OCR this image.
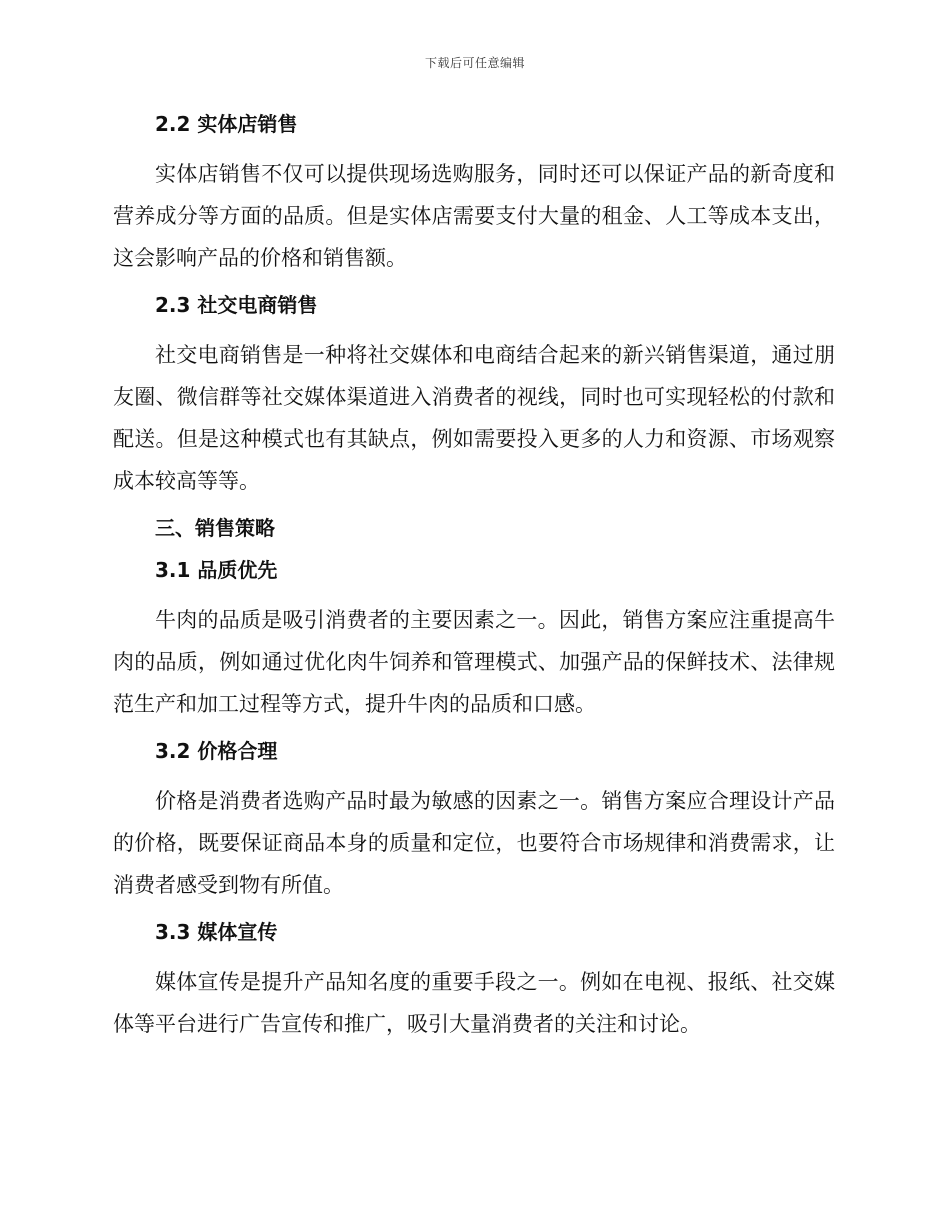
下载后可任意编辑
2.2 实体店销售

实体店销售不仅可以提供现场选购服务，同时还可以保证产品的新奇度和营养成分等方面的品质。但是实体店需要支付大量的租金、人工等成本支出，这会影响产品的价格和销售额。

2.3 社交电商销售

社交电商销售是一种将社交媒体和电商结合起来的新兴销售渠道，通过朋友圈、微信群等社交媒体渠道进入消费者的视线，同时也可实现轻松的付款和配送。但是这种模式也有其缺点，例如需要投入更多的人力和资源、市场观察成本较高等等。

三、销售策略
3.1 品质优先

牛肉的品质是吸引消费者的主要因素之一。因此，销售方案应注重提高牛肉的品质，例如通过优化肉牛饲养和管理模式、加强产品的保鲜技术、法律规范生产和加工过程等方式，提升牛肉的品质和口感。

3.2 价格合理

价格是消费者选购产品时最为敏感的因素之一。销售方案应合理设计产品的价格，既要保证商品本身的质量和定位，也要符合市场规律和消费需求，让消费者感受到物有所值。

3.3 媒体宣传

媒体宣传是提升产品知名度的重要手段之一。例如在电视、报纸、社交媒体等平台进行广告宣传和推广，吸引大量消费者的关注和讨论。
